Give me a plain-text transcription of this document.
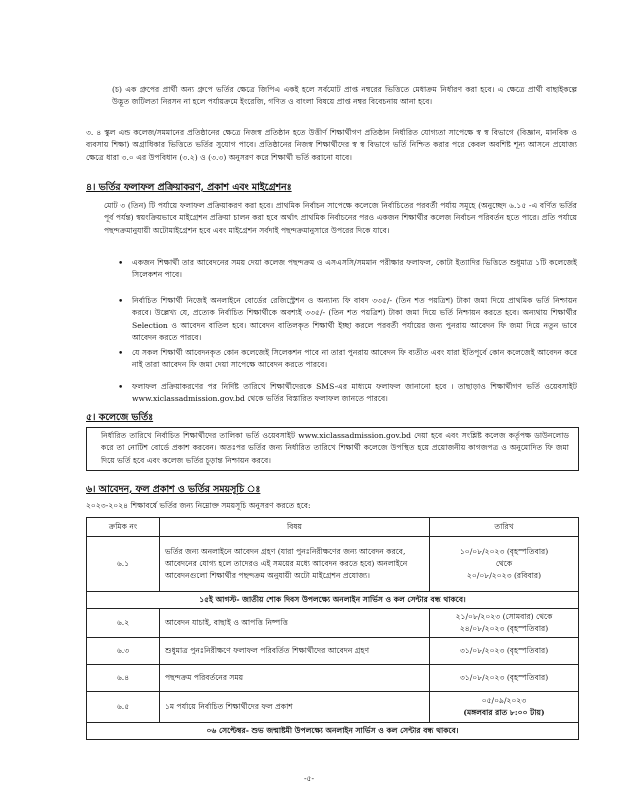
(চ) এক গ্রুপের প্রার্থী অন্য গ্রুপে ভর্তির ক্ষেত্রে জিপিএ একই হলে সর্বমোট প্রাপ্ত নম্বরের ভিত্তিতে মেধাক্রম নির্ধারণ করা হবে। এ ক্ষেত্রে প্রার্থী বাছাইকল্পে উদ্ভূত জটিলতা নিরসন না হলে পর্যায়ক্রমে ইংরেজি, গণিত ও বাংলা বিষয়ে প্রাপ্ত নম্বর বিবেচনায় আনা হবে।
৩. ৪ স্কুল এন্ড কলেজ/সমমানের প্রতিষ্ঠানের ক্ষেত্রে নিজস্ব প্রতিষ্ঠান হতে উত্তীর্ণ শিক্ষার্থীগণ প্রতিষ্ঠান নির্ধারিত যোগ্যতা সাপেক্ষে স্ব স্ব বিভাগে (বিজ্ঞান, মানবিক ও ব্যবসায় শিক্ষা) অগ্রাধিকার ভিত্তিতে ভর্তির সুযোগ পাবে। প্রতিষ্ঠানের নিজস্ব শিক্ষার্থীদের স্ব স্ব বিভাগে ভর্তি নিশ্চিত করার পরে কেবল অবশিষ্ট শূন্য আসনে প্রযোজ্য ক্ষেত্রে ধারা ৩.০ এর উপবিধান (৩.২) ও (৩.৩) অনুসরণ করে শিক্ষার্থী ভর্তি করানো যাবে।
৪। ভর্তির ফলাফল প্রক্রিয়াকরণ, প্রকাশ এবং মাইগ্রেশনঃ
মোট ৩ (তিন) টি পর্যায়ে ফলাফল প্রক্রিয়াকরণ করা হবে। প্রাথমিক নির্বাচন সাপেক্ষে কলেজে নির্বাচিতের পরবর্তী পর্যায় সমূহে (অনুচ্ছেদ ৬.১৫ -এ বর্ণিত ভর্তির পূর্ব পর্যন্ত) স্বয়ংক্রিয়ভাবে মাইগ্রেশন প্রক্রিয়া চালন করা হবে অর্থাৎ প্রাথমিক নির্বাচনের পরও একজন শিক্ষার্থীর কলেজ নির্বাচন পরিবর্তন হতে পারে। প্রতি পর্যায়ে পছন্দক্রমানুযায়ী অটোমাইগ্রেশন হবে এবং মাইগ্রেশন সর্বদাই পছন্দক্রমানুসারে উপরের দিকে যাবে।
• একজন শিক্ষার্থী তার আবেদনের সময় দেয়া কলেজ পছন্দক্রম ও এসএসসি/সমমান পরীক্ষার ফলাফল, কোটা ইত্যাদির ভিত্তিতে শুধুমাত্র ১টি কলেজেই সিলেকশন পাবে।
• নির্বাচিত শিক্ষার্থী নিজেই অনলাইনে বোর্ডের রেজিস্ট্রেশন ও অন্যান্য ফি বাবদ ৩৩৫/- (তিন শত পয়ত্রিশ) টাকা জমা দিয়ে প্রাথমিক ভর্তি নিশ্চায়ন করবে। উল্লেখ্য যে, প্রত্যেক নির্বাচিত শিক্ষার্থীকে অবশ্যই ৩৩৫/- (তিন শত পয়ত্রিশ) টাকা জমা দিয়ে ভর্তি নিশ্চায়ন করতে হবে। অন্যথায় শিক্ষার্থীর Selection ও আবেদন বাতিল হবে। আবেদন বাতিলকৃত শিক্ষার্থী ইচ্ছা করলে পরবর্তী পর্যায়ের জন্য পুনরায় আবেদন ফি জমা দিয়ে নতুন ভাবে আবেদন করতে পারবে।
• যে সকল শিক্ষার্থী আবেদনকৃত কোন কলেজেই সিলেকশন পাবে না তারা পুনরায় আবেদন ফি ব্যতীত এবং যারা ইতিপূর্বে কোন কলেজেই আবেদন করে নাই তারা আবেদন ফি জমা দেয়া সাপেক্ষে আবেদন করতে পারবে।
• ফলাফল প্রক্রিয়াকরণের পর নির্দিষ্ট তারিখে শিক্ষার্থীদেরকে SMS-এর মাধ্যমে ফলাফল জানানো হবে । তাছাড়াও শিক্ষার্থীগণ ভর্তি ওয়েবসাইট www.xiclassadmission.gov.bd থেকে ভর্তির বিস্তারিত ফলাফল জানতে পারবে।
৫। কলেজে ভর্তিঃ
নির্ধারিত তারিখে নির্বাচিত শিক্ষার্থীদের তালিকা ভর্তি ওয়েবসাইট www.xiclassadmission.gov.bd দেয়া হবে এবং সংশ্লিষ্ট কলেজ কর্তৃপক্ষ ডাউনলোড করে তা নোটিশ বোর্ডে প্রকাশ করবেন। অতঃপর ভর্তির জন্য নির্ধারিত তারিখে শিক্ষার্থী কলেজে উপস্থিত হয়ে প্রয়োজনীয় কাগজপত্র ও অনুমোদিত ফি জমা দিয়ে ভর্তি হবে এবং কলেজ ভর্তির চূড়ান্ত নিশ্চায়ন করবে।
৬। আবেদন, ফল প্রকাশ ও ভর্তির সময়সূচি ঃ
২০২৩-২০২৪ শিক্ষাবর্ষে ভর্তির জন্য নিম্নোক্ত সময়সূচি অনুসরণ করতে হবে:
ক্রমিক নং	বিষয়	তারিখ
৬.১	ভর্তির জন্য অনলাইনে আবেদন গ্রহণ (যারা পুনঃনিরীক্ষণের জন্য আবেদন করবে, আবেদনের যোগ্য হলে তাদেরও এই সময়ের মধ্যে আবেদন করতে হবে) অনলাইনে আবেদনগুলো শিক্ষার্থীর পছন্দক্রম অনুযায়ী অটো মাইগ্রেশন প্রযোজ্য।	১০/০৮/২০২৩ (বৃহস্পতিবার)
থেকে
২০/০৮/২০২৩ (রবিবার)

১৫ই আগস্ট- জাতীয় শোক দিবস উপলক্ষ্যে অনলাইন সার্ভিস ও কল সেন্টার বন্ধ থাকবে।		
৬.২	আবেদন যাচাই, বাছাই ও আপত্তি নিষ্পত্তি	২১/০৮/২০২৩ (সোমবার) থেকে
২৪/০৮/২০২৩ (বৃহস্পতিবার)

৬.৩	শুধুমাত্র পুনঃনিরীক্ষণে ফলাফল পরিবর্তিত শিক্ষার্থীদের আবেদন গ্রহণ	৩১/০৮/২০২৩ (বৃহস্পতিবার)
৬.৪	পছন্দক্রম পরিবর্তনের সময়	৩১/০৮/২০২৩ (বৃহস্পতিবার)
৬.৫	১ম পর্যায়ে নির্বাচিত শিক্ষার্থীদের ফল প্রকাশ	০৫/০৯/২০২৩
(মঙ্গলবার রাত ৮:০০ টায়)

০৬ সেপ্টেম্বর- শুভ জন্মাষ্টমী উপলক্ষ্যে অনলাইন সার্ভিস ও কল সেন্টার বন্ধ থাকবে।		
-৫-
